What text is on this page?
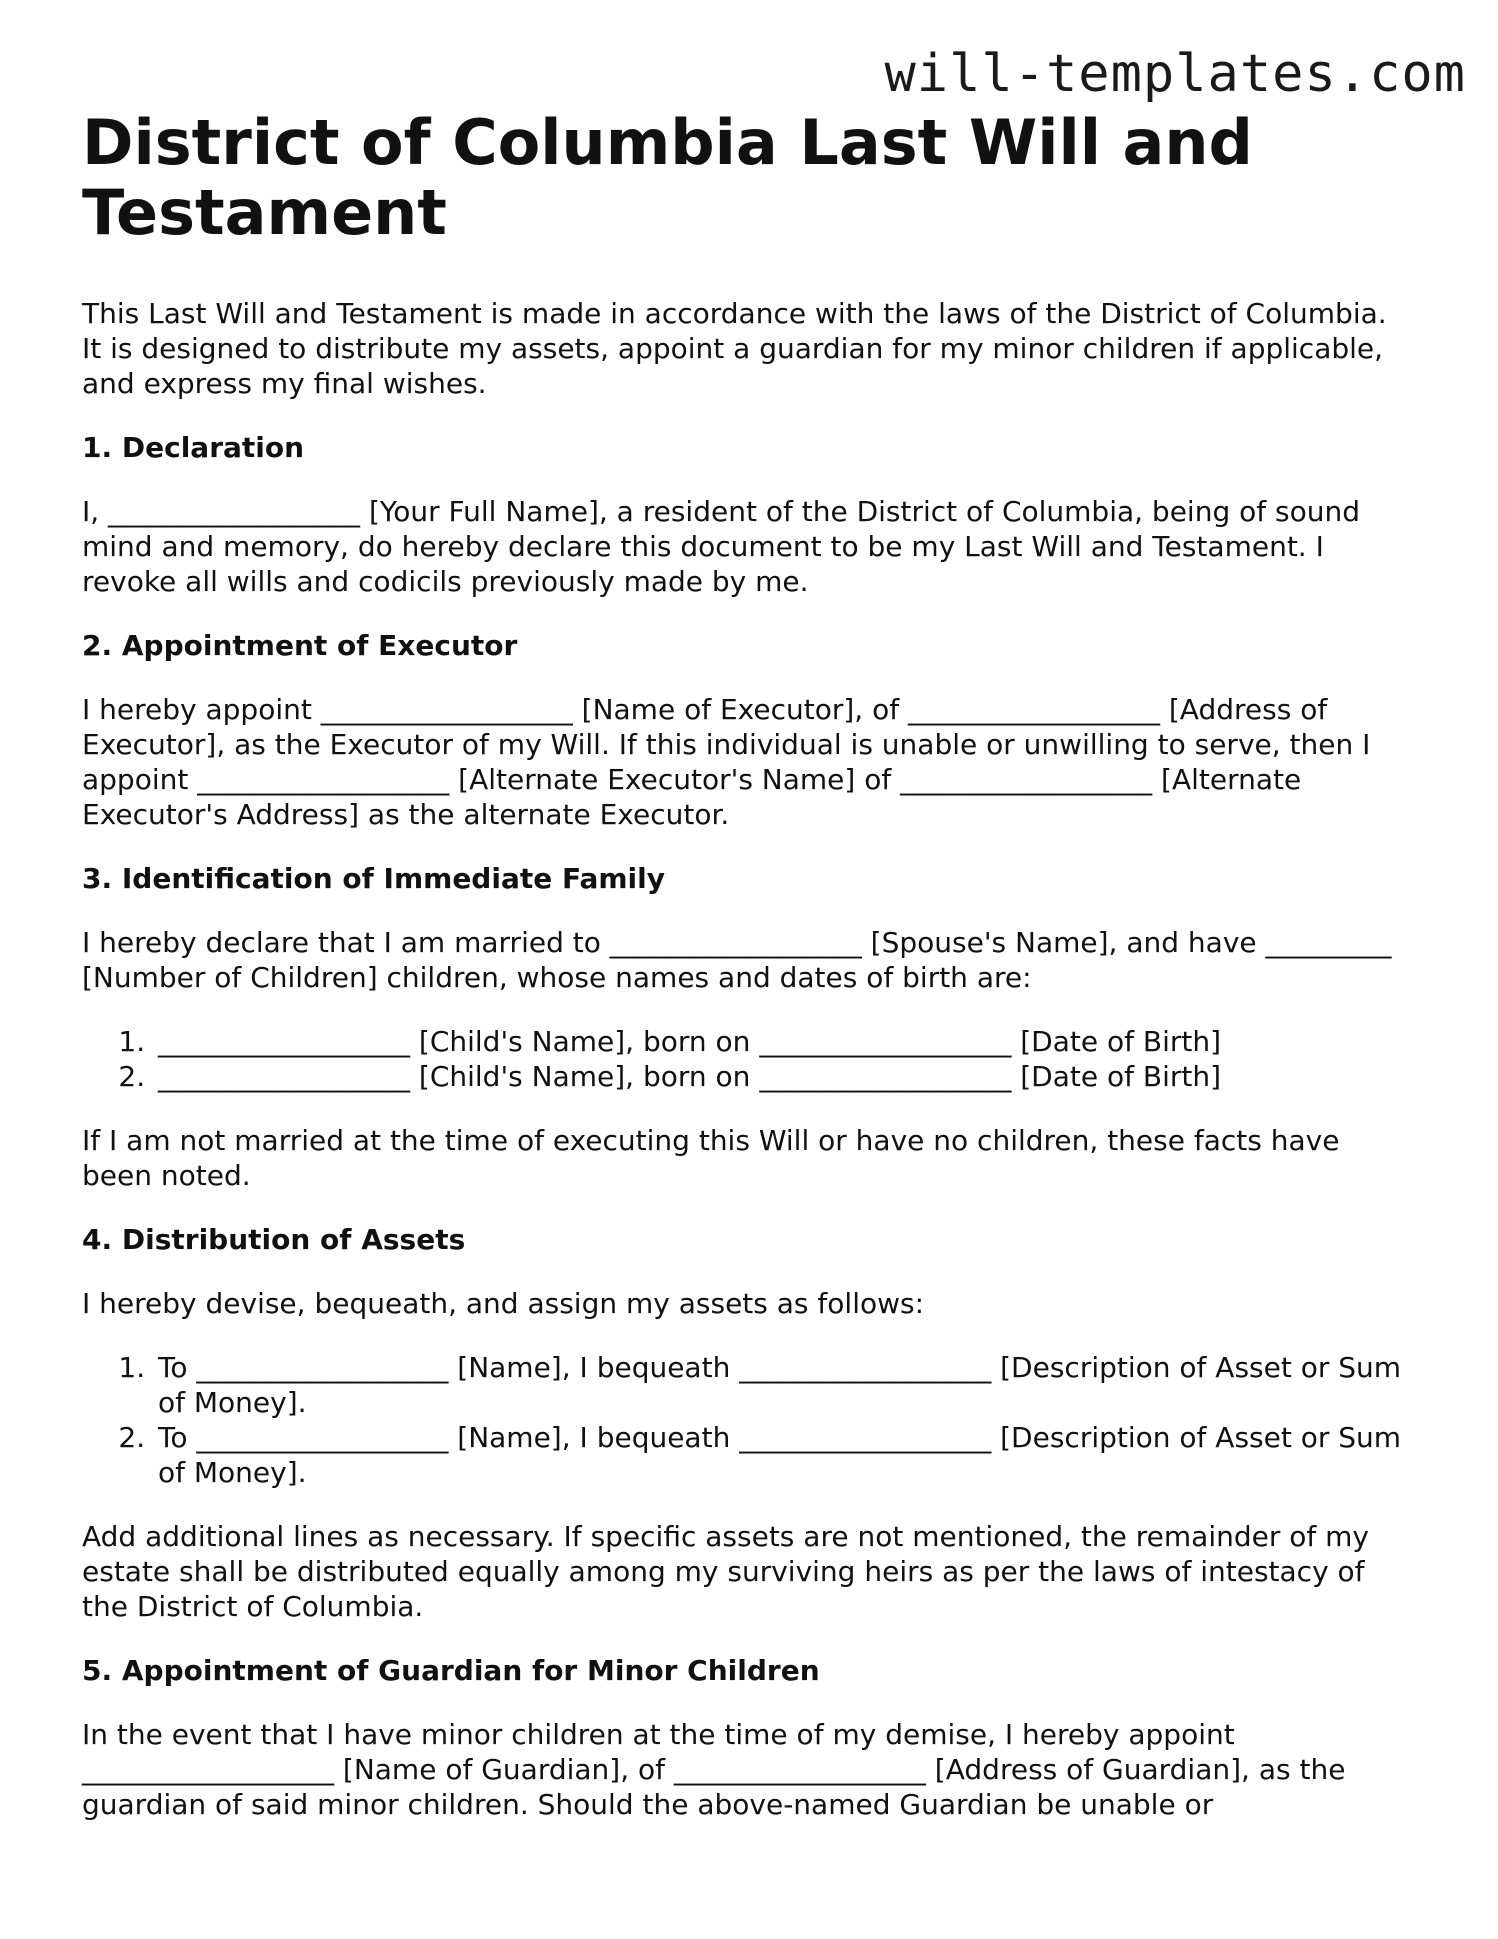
will-templates.com
District of Columbia Last Will and Testament

This Last Will and Testament is made in accordance with the laws of the District of Columbia. It is designed to distribute my assets, appoint a guardian for my minor children if applicable, and express my final wishes.

1. Declaration

I, __________________ [Your Full Name], a resident of the District of Columbia, being of sound mind and memory, do hereby declare this document to be my Last Will and Testament. I revoke all wills and codicils previously made by me.

2. Appointment of Executor

I hereby appoint __________________ [Name of Executor], of __________________ [Address of Executor], as the Executor of my Will. If this individual is unable or unwilling to serve, then I appoint __________________ [Alternate Executor's Name] of __________________ [Alternate Executor's Address] as the alternate Executor.

3. Identification of Immediate Family

I hereby declare that I am married to __________________ [Spouse's Name], and have _________ [Number of Children] children, whose names and dates of birth are:

1. __________________ [Child's Name], born on __________________ [Date of Birth]
2. __________________ [Child's Name], born on __________________ [Date of Birth]

If I am not married at the time of executing this Will or have no children, these facts have been noted.

4. Distribution of Assets

I hereby devise, bequeath, and assign my assets as follows:

1. To __________________ [Name], I bequeath __________________ [Description of Asset or Sum of Money].
2. To __________________ [Name], I bequeath __________________ [Description of Asset or Sum of Money].

Add additional lines as necessary. If specific assets are not mentioned, the remainder of my estate shall be distributed equally among my surviving heirs as per the laws of intestacy of the District of Columbia.

5. Appointment of Guardian for Minor Children

In the event that I have minor children at the time of my demise, I hereby appoint __________________ [Name of Guardian], of __________________ [Address of Guardian], as the guardian of said minor children. Should the above-named Guardian be unable or
